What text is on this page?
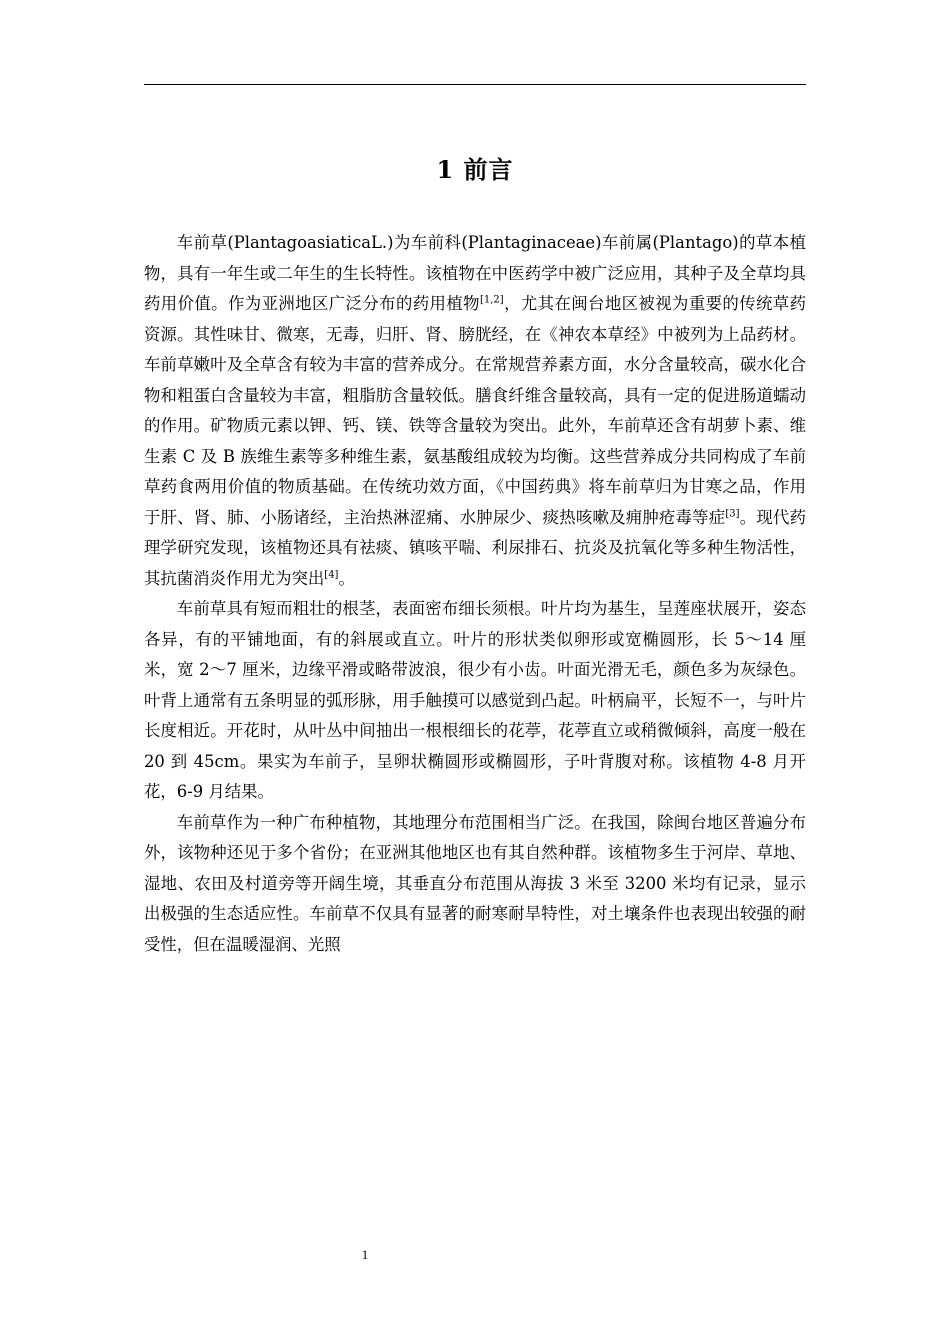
1 前言

车前草(PlantagoasiaticaL.)为车前科(Plantaginaceae)车前属(Plantago)的草本植物，具有一年生或二年生的生长特性。该植物在中医药学中被广泛应用，其种子及全草均具药用价值。作为亚洲地区广泛分布的药用植物[1,2]，尤其在闽台地区被视为重要的传统草药资源。其性味甘、微寒，无毒，归肝、肾、膀胱经，在《神农本草经》中被列为上品药材。车前草嫩叶及全草含有较为丰富的营养成分。在常规营养素方面，水分含量较高，碳水化合物和粗蛋白含量较为丰富，粗脂肪含量较低。膳食纤维含量较高，具有一定的促进肠道蠕动的作用。矿物质元素以钾、钙、镁、铁等含量较为突出。此外，车前草还含有胡萝卜素、维生素 C 及 B 族维生素等多种维生素，氨基酸组成较为均衡。这些营养成分共同构成了车前草药食两用价值的物质基础。在传统功效方面，《中国药典》将车前草归为甘寒之品，作用于肝、肾、肺、小肠诸经，主治热淋涩痛、水肿尿少、痰热咳嗽及痈肿疮毒等症[3]。现代药理学研究发现，该植物还具有祛痰、镇咳平喘、利尿排石、抗炎及抗氧化等多种生物活性，其抗菌消炎作用尤为突出[4]。

车前草具有短而粗壮的根茎，表面密布细长须根。叶片均为基生，呈莲座状展开，姿态各异，有的平铺地面，有的斜展或直立。叶片的形状类似卵形或宽椭圆形，长 5～14 厘米，宽 2～7 厘米，边缘平滑或略带波浪，很少有小齿。叶面光滑无毛，颜色多为灰绿色。叶背上通常有五条明显的弧形脉，用手触摸可以感觉到凸起。叶柄扁平，长短不一，与叶片长度相近。开花时，从叶丛中间抽出一根根细长的花葶，花葶直立或稍微倾斜，高度一般在 20 到 45cm。果实为车前子，呈卵状椭圆形或椭圆形，子叶背腹对称。该植物 4-8 月开花，6-9 月结果。

车前草作为一种广布种植物，其地理分布范围相当广泛。在我国，除闽台地区普遍分布外，该物种还见于多个省份；在亚洲其他地区也有其自然种群。该植物多生于河岸、草地、湿地、农田及村道旁等开阔生境，其垂直分布范围从海拔 3 米至 3200 米均有记录，显示出极强的生态适应性。车前草不仅具有显著的耐寒耐旱特性，对土壤条件也表现出较强的耐受性，但在温暖湿润、光照

1
